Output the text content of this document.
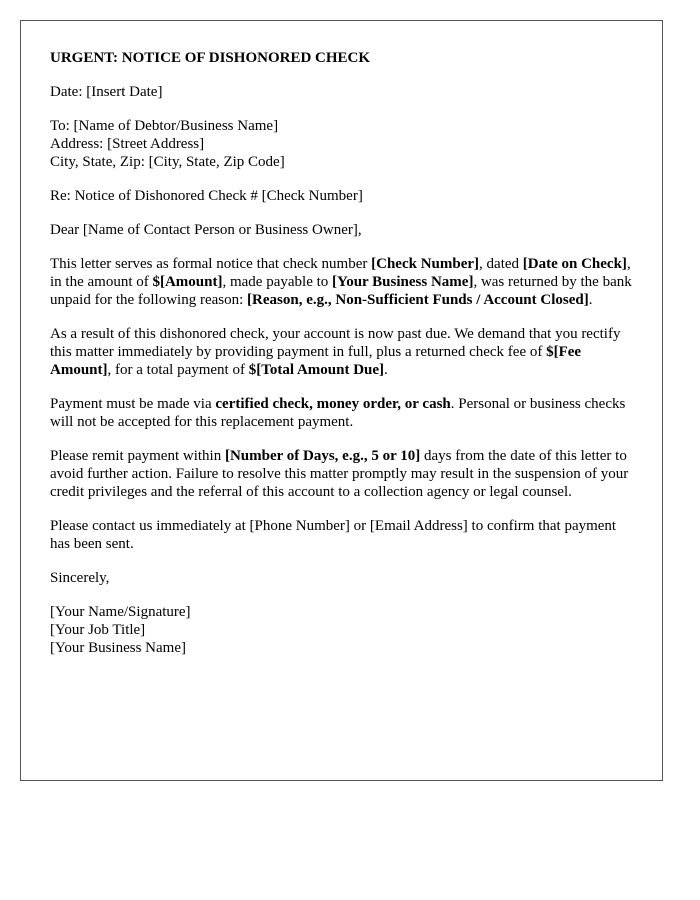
URGENT: NOTICE OF DISHONORED CHECK

Date: [Insert Date]

To: [Name of Debtor/Business Name]
Address: [Street Address]
City, State, Zip: [City, State, Zip Code]

Re: Notice of Dishonored Check # [Check Number]

Dear [Name of Contact Person or Business Owner],

This letter serves as formal notice that check number [Check Number], dated [Date on Check], in the amount of $[Amount], made payable to [Your Business Name], was returned by the bank unpaid for the following reason: [Reason, e.g., Non-Sufficient Funds / Account Closed].

As a result of this dishonored check, your account is now past due. We demand that you rectify this matter immediately by providing payment in full, plus a returned check fee of $[Fee Amount], for a total payment of $[Total Amount Due].

Payment must be made via certified check, money order, or cash. Personal or business checks will not be accepted for this replacement payment.

Please remit payment within [Number of Days, e.g., 5 or 10] days from the date of this letter to avoid further action. Failure to resolve this matter promptly may result in the suspension of your credit privileges and the referral of this account to a collection agency or legal counsel.

Please contact us immediately at [Phone Number] or [Email Address] to confirm that payment has been sent.

Sincerely,

[Your Name/Signature]
[Your Job Title]
[Your Business Name]
